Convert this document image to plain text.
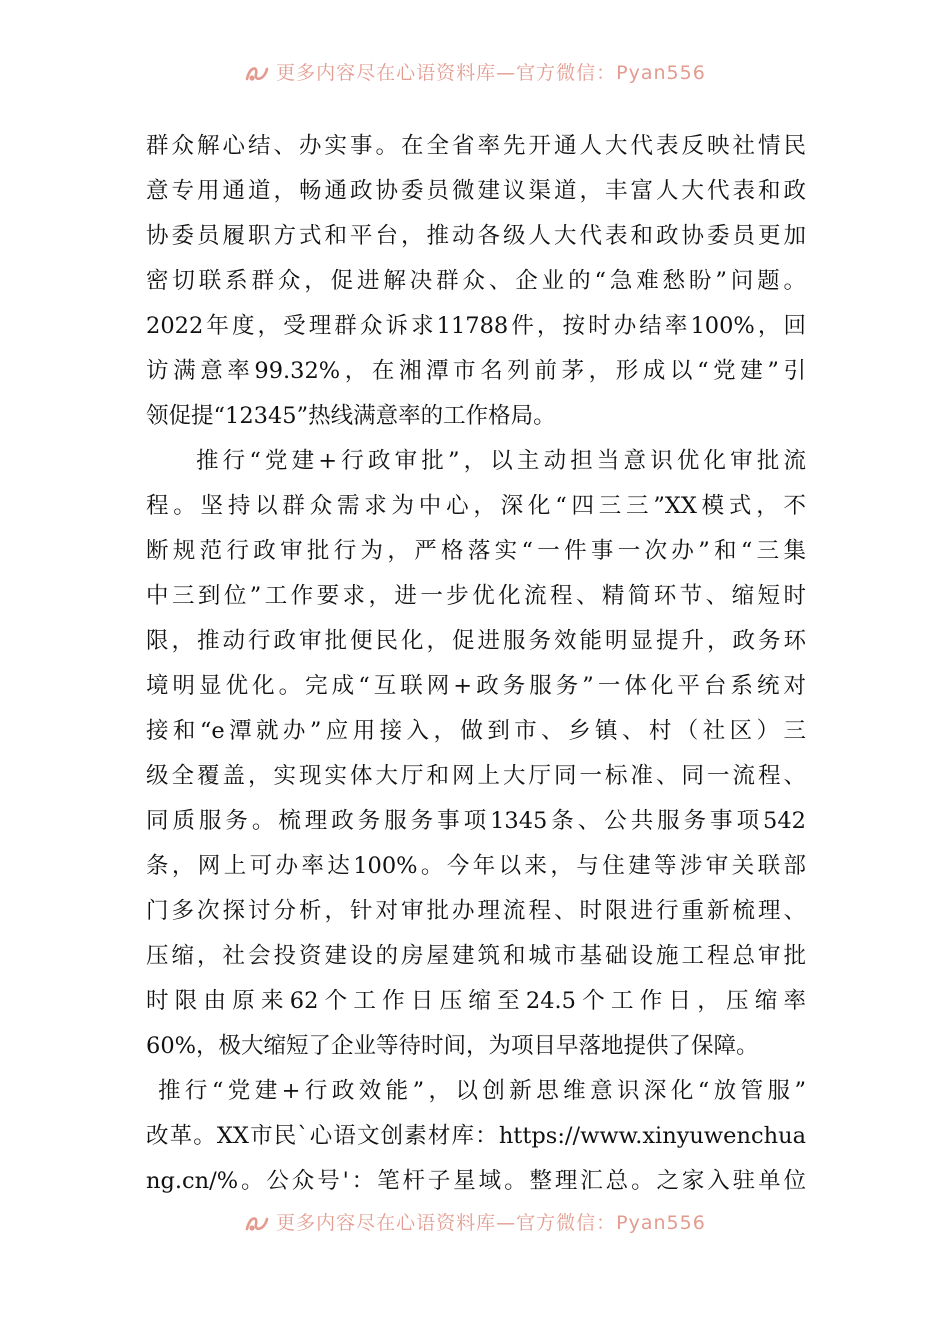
更多内容尽在心语资料库—官方微信：Pyan556
群众解心结、办实事。在全省率先开通人大代表反映社情民
意专用通道，畅通政协委员微建议渠道，丰富人大代表和政
协委员履职方式和平台，推动各级人大代表和政协委员更加
密切联系群众，促进解决群众、企业的“急难愁盼”问题。
2022年度，受理群众诉求11788件，按时办结率100%，回
访满意率99.32%，在湘潭市名列前茅，形成以“党建”引
领促提“12345”热线满意率的工作格局。
推行“党建+行政审批”，以主动担当意识优化审批流
程。坚持以群众需求为中心，深化“四三三”XX模式，不
断规范行政审批行为，严格落实“一件事一次办”和“三集
中三到位”工作要求，进一步优化流程、精简环节、缩短时
限，推动行政审批便民化，促进服务效能明显提升，政务环
境明显优化。完成“互联网+政务服务”一体化平台系统对
接和“e潭就办”应用接入，做到市、乡镇、村（社区）三
级全覆盖，实现实体大厅和网上大厅同一标准、同一流程、
同质服务。梳理政务服务事项1345条、公共服务事项542
条，网上可办率达100%。今年以来，与住建等涉审关联部
门多次探讨分析，针对审批办理流程、时限进行重新梳理、
压缩，社会投资建设的房屋建筑和城市基础设施工程总审批
时限由原来62个工作日压缩至24.5个工作日，压缩率
60%，极大缩短了企业等待时间，为项目早落地提供了保障。
推行“党建+行政效能”，以创新思维意识深化“放管服”
改革。XX市民`心语文创素材库：https://www.xinyuwenchua
ng.cn/%。公众号'：笔杆子星域。整理汇总。之家入驻单位
更多内容尽在心语资料库—官方微信：Pyan556
